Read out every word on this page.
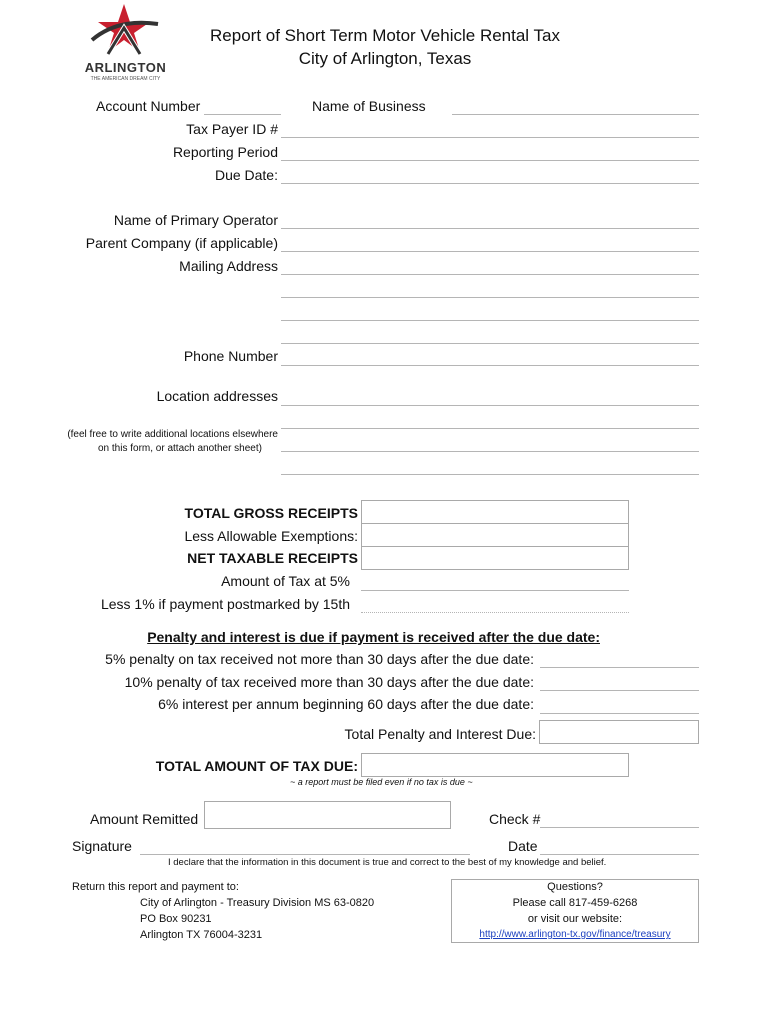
ARLINGTON
THE AMERICAN DREAM CITY
Report of Short Term Motor Vehicle Rental Tax
City of Arlington, Texas
Account Number	Name of Business
Tax Payer ID #
Reporting Period
Due Date:
Name of Primary Operator
Parent Company (if applicable)
Mailing Address
Phone Number
Location addresses
(feel free to write additional locations elsewhere
on this form, or attach another sheet)
TOTAL GROSS RECEIPTS
Less Allowable Exemptions:
NET TAXABLE RECEIPTS
Amount of Tax at 5%
Less 1% if payment postmarked by 15th
Penalty and interest is due if payment is received after the due date:
5% penalty on tax received not more than 30 days after the due date:
10% penalty of tax received more than 30 days after the due date:
6% interest per annum beginning 60 days after the due date:
Total Penalty and Interest Due:
TOTAL AMOUNT OF TAX DUE:
~ a report must be filed even if no tax is due ~
Amount Remitted	Check #
Signature	Date
I declare that the information in this document is true and correct to the best of my knowledge and belief.
Return this report and payment to:
City of Arlington - Treasury Division MS 63-0820
PO Box 90231
Arlington TX 76004-3231
Questions?
Please call 817-459-6268
or visit our website:
http://www.arlington-tx.gov/finance/treasury
